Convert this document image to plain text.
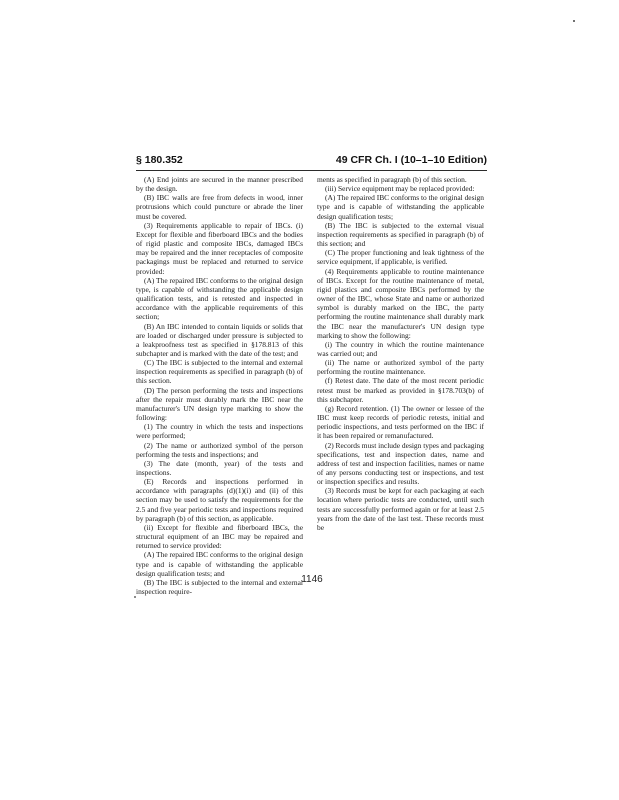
§ 180.352	49 CFR Ch. I (10–1–10 Edition)

(A) End joints are secured in the manner prescribed by the design.

(B) IBC walls are free from defects in wood, inner protrusions which could puncture or abrade the liner must be covered.

(3) Requirements applicable to repair of IBCs. (i) Except for flexible and fiberboard IBCs and the bodies of rigid plastic and composite IBCs, damaged IBCs may be repaired and the inner receptacles of composite packagings must be replaced and returned to service provided:

(A) The repaired IBC conforms to the original design type, is capable of withstanding the applicable design qualification tests, and is retested and inspected in accordance with the applicable requirements of this section;

(B) An IBC intended to contain liquids or solids that are loaded or discharged under pressure is subjected to a leakproofness test as specified in §178.813 of this subchapter and is marked with the date of the test; and

(C) The IBC is subjected to the internal and external inspection requirements as specified in paragraph (b) of this section.

(D) The person performing the tests and inspections after the repair must durably mark the IBC near the manufacturer's UN design type marking to show the following:

(1) The country in which the tests and inspections were performed;

(2) The name or authorized symbol of the person performing the tests and inspections; and

(3) The date (month, year) of the tests and inspections.

(E) Records and inspections performed in accordance with paragraphs (d)(1)(i) and (ii) of this section may be used to satisfy the requirements for the 2.5 and five year periodic tests and inspections required by paragraph (b) of this section, as applicable.

(ii) Except for flexible and fiberboard IBCs, the structural equipment of an IBC may be repaired and returned to service provided:

(A) The repaired IBC conforms to the original design type and is capable of withstanding the applicable design qualification tests; and

(B) The IBC is subjected to the internal and external inspection require-

ments as specified in paragraph (b) of this section.

(iii) Service equipment may be replaced provided:

(A) The repaired IBC conforms to the original design type and is capable of withstanding the applicable design qualification tests;

(B) The IBC is subjected to the external visual inspection requirements as specified in paragraph (b) of this section; and

(C) The proper functioning and leak tightness of the service equipment, if applicable, is verified.

(4) Requirements applicable to routine maintenance of IBCs. Except for the routine maintenance of metal, rigid plastics and composite IBCs performed by the owner of the IBC, whose State and name or authorized symbol is durably marked on the IBC, the party performing the routine maintenance shall durably mark the IBC near the manufacturer's UN design type marking to show the following:

(i) The country in which the routine maintenance was carried out; and

(ii) The name or authorized symbol of the party performing the routine maintenance.

(f) Retest date. The date of the most recent periodic retest must be marked as provided in §178.703(b) of this subchapter.

(g) Record retention. (1) The owner or lessee of the IBC must keep records of periodic retests, initial and periodic inspections, and tests performed on the IBC if it has been repaired or remanufactured.

(2) Records must include design types and packaging specifications, test and inspection dates, name and address of test and inspection facilities, names or name of any persons conducting test or inspections, and test or inspection specifics and results.

(3) Records must be kept for each packaging at each location where periodic tests are conducted, until such tests are successfully performed again or for at least 2.5 years from the date of the last test. These records must be

1146
